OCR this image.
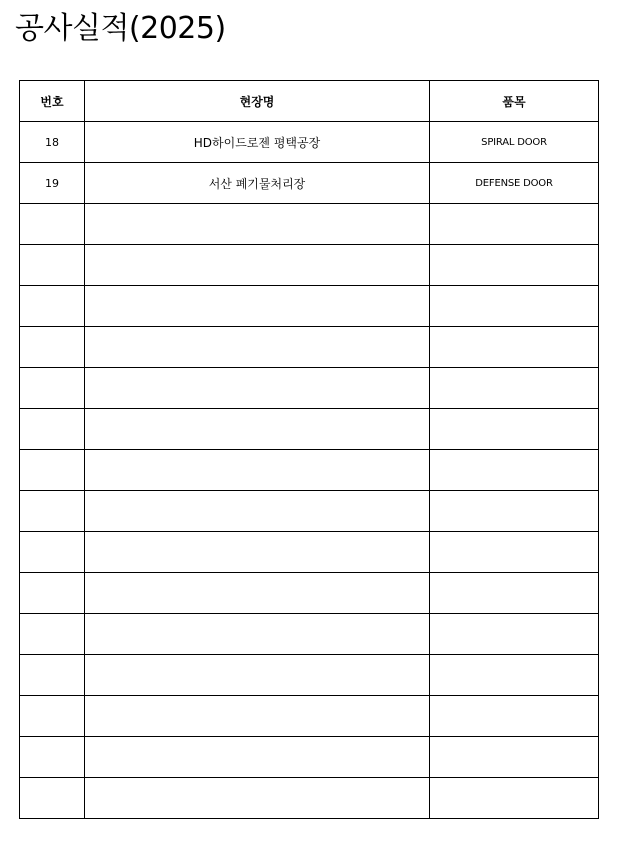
공사실적(2025)
번호	현장명	품목
18	HD하이드로젠 평택공장	SPIRAL DOOR
19	서산 폐기물처리장	DEFENSE DOOR
